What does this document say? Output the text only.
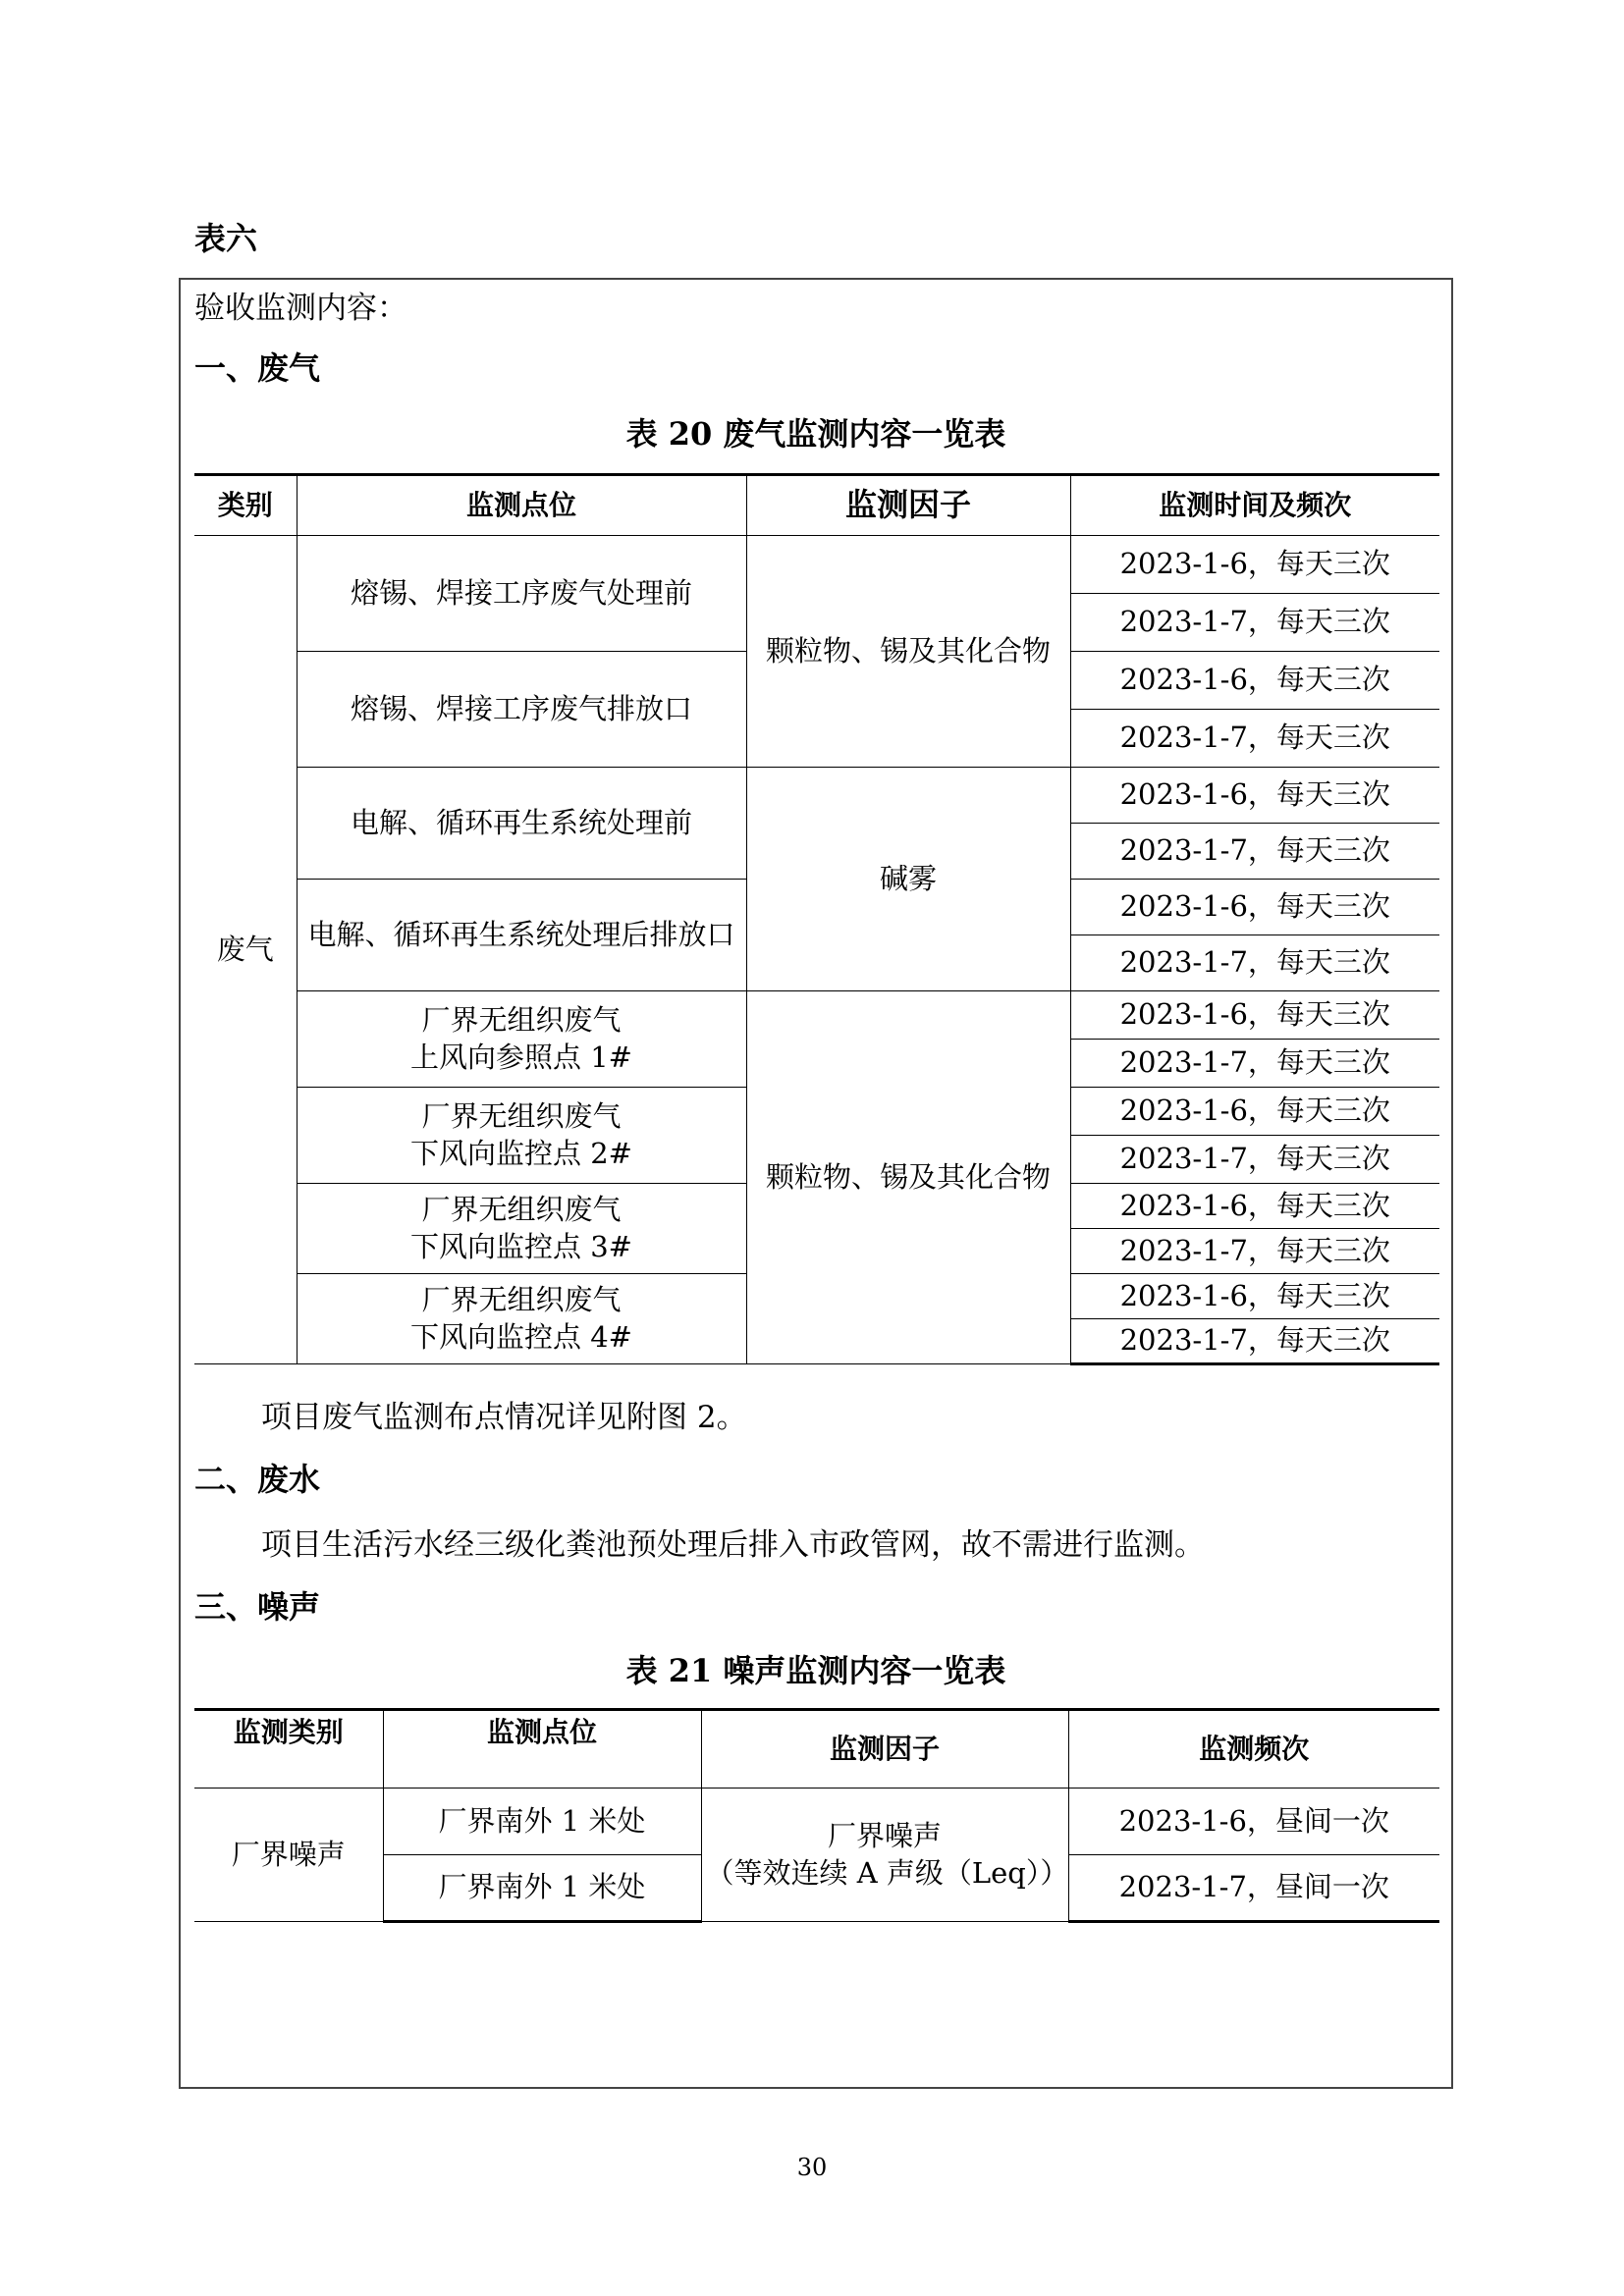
表六
验收监测内容：
一、废气
表 20 废气监测内容一览表
类别	监测点位	监测因子	监测时间及频次
废气	熔锡、焊接工序废气处理前	颗粒物、锡及其化合物	2023-1-6，每天三次
			2023-1-7，每天三次
	熔锡、焊接工序废气排放口		2023-1-6，每天三次
			2023-1-7，每天三次
	电解、循环再生系统处理前	碱雾	2023-1-6，每天三次
			2023-1-7，每天三次
	电解、循环再生系统处理后排放口		2023-1-6，每天三次
			2023-1-7，每天三次
	厂界无组织废气
上风向参照点 1#	颗粒物、锡及其化合物	2023-1-6，每天三次
			2023-1-7，每天三次
	厂界无组织废气
下风向监控点 2#		2023-1-6，每天三次
			2023-1-7，每天三次
	厂界无组织废气
下风向监控点 3#		2023-1-6，每天三次
			2023-1-7，每天三次
	厂界无组织废气
下风向监控点 4#		2023-1-6，每天三次
			2023-1-7，每天三次
项目废气监测布点情况详见附图 2。
二、废水
项目生活污水经三级化粪池预处理后排入市政管网，故不需进行监测。
三、噪声
表 21 噪声监测内容一览表
监测类别	监测点位	监测因子	监测频次
厂界噪声	厂界南外 1 米处	厂界噪声
（等效连续 A 声级（Leq））	2023-1-6，昼间一次
	厂界南外 1 米处		2023-1-7，昼间一次
30
